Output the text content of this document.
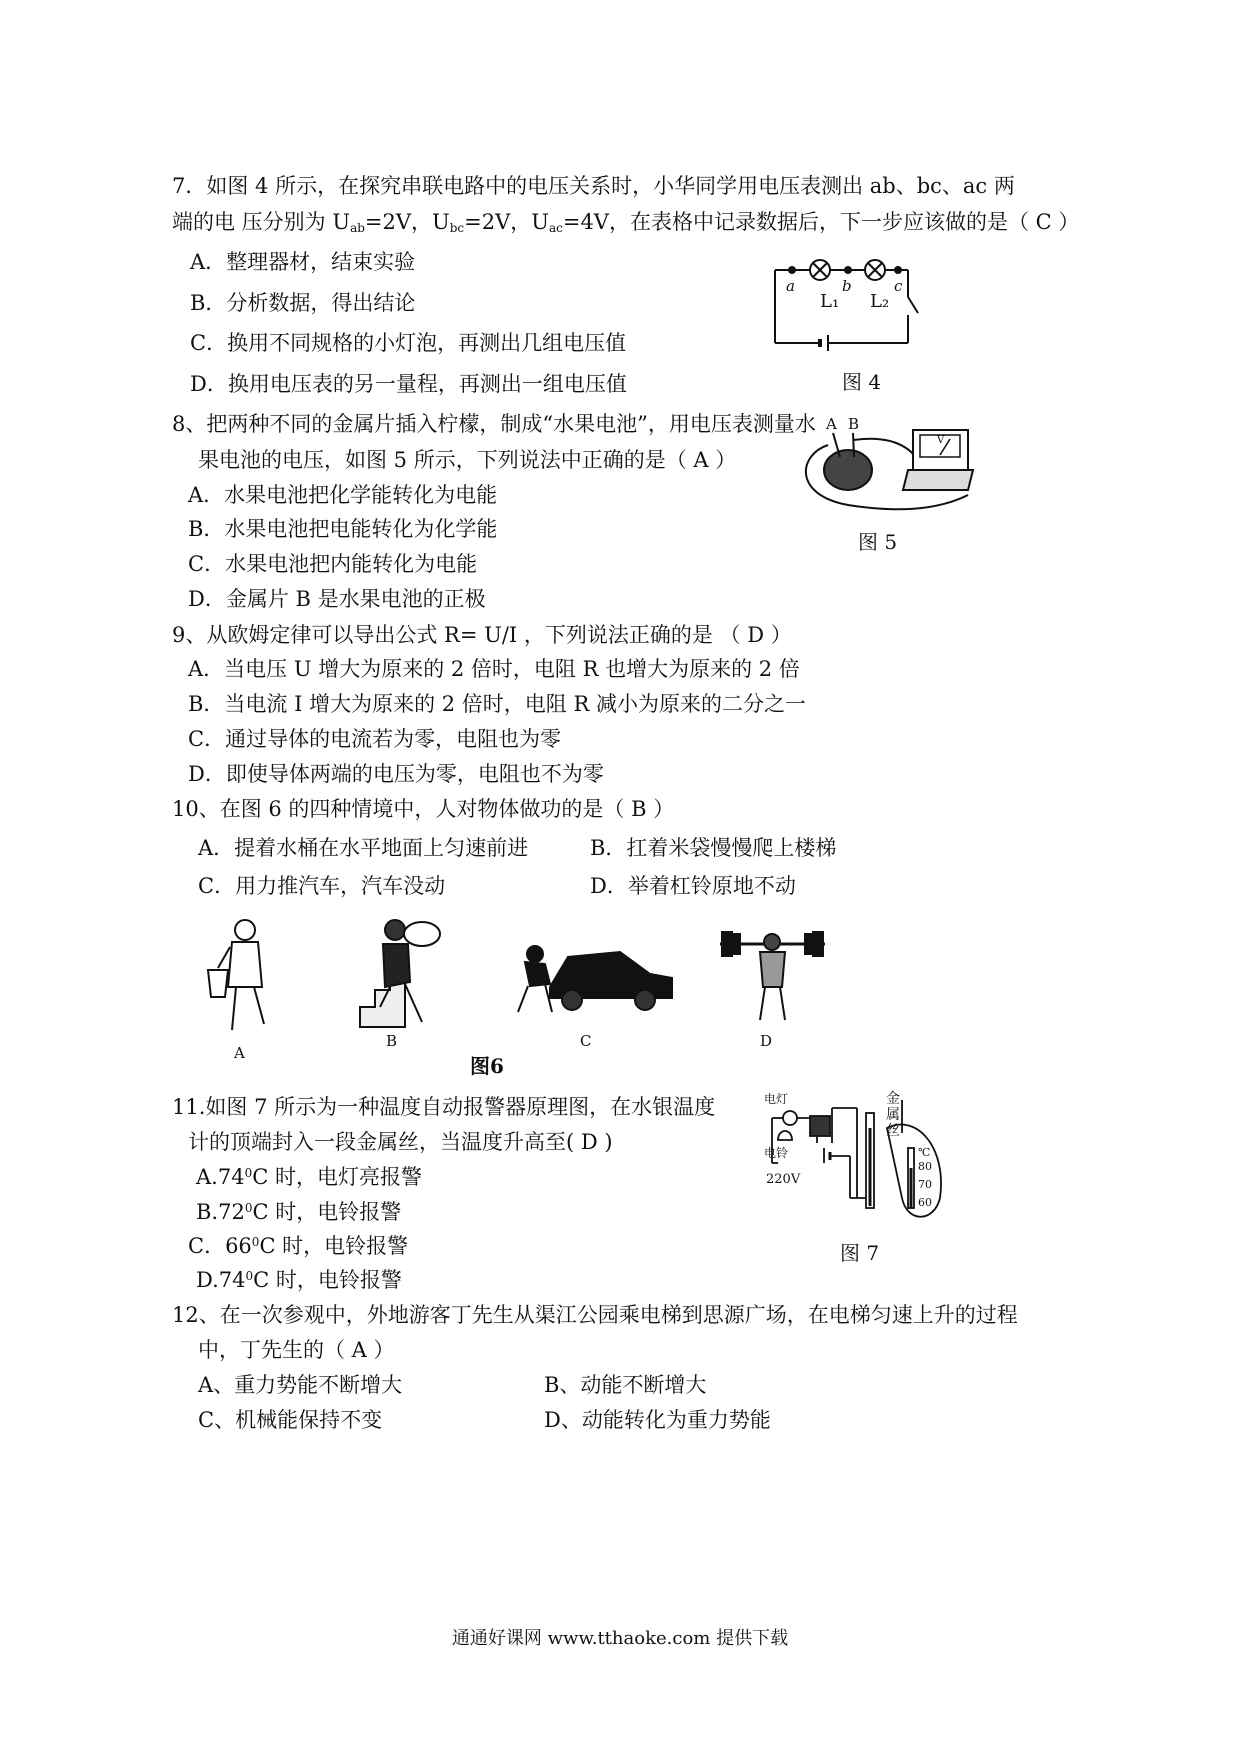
7．如图 4 所示，在探究串联电路中的电压关系时，小华同学用电压表测出 ab、bc、ac 两
端的电 压分别为 $U_{ab}=2V$，$U_{bc}=2V$，$U_{ac}=4V$，在表格中记录数据后，下一步应该做的是（ C ）
A．整理器材，结束实验
B．分析数据，得出结论
C．换用不同规格的小灯泡，再测出几组电压值
D．换用电压表的另一量程，再测出一组电压值
a	b	c
L₁ L₂
图 4
8、把两种不同的金属片插入柠檬，制成“水果电池”，用电压表测量水
果电池的电压，如图 5 所示，下列说法中正确的是（ A ）
A．水果电池把化学能转化为电能
B．水果电池把电能转化为化学能
C．水果电池把内能转化为电能
D．金属片 B 是水果电池的正极
A B
V
图 5
9、从欧姆定律可以导出公式 R= U/I ，下列说法正确的是 （ D ）
A．当电压 U 增大为原来的 2 倍时，电阻 R 也增大为原来的 2 倍
B．当电流 I 增大为原来的 2 倍时，电阻 R 减小为原来的二分之一
C．通过导体的电流若为零，电阻也为零
D．即使导体两端的电压为零，电阻也不为零
10、在图 6 的四种情境中，人对物体做功的是（ B ）
A．提着水桶在水平地面上匀速前进	B．扛着米袋慢慢爬上楼梯
C．用力推汽车，汽车没动	D．举着杠铃原地不动
A
B	C	D
图6
11.如图 7 所示为一种温度自动报警器原理图，在水银温度
计的顶端封入一段金属丝，当温度升高至( D )
$A.74^0C$ 时，电灯亮报警
$B.72^0C$ 时，电铃报警
C．$66^0C$ 时，电铃报警
$D.74^0C$ 时，电铃报警
电灯
电铃
220V
金
属
丝
℃
80
70
60
图 7
12、在一次参观中，外地游客丁先生从渠江公园乘电梯到思源广场，在电梯匀速上升的过程
中，丁先生的（ A ）
A、重力势能不断增大	B、动能不断增大
C、机械能保持不变	D、动能转化为重力势能
通通好课网 www.tthaoke.com 提供下载
